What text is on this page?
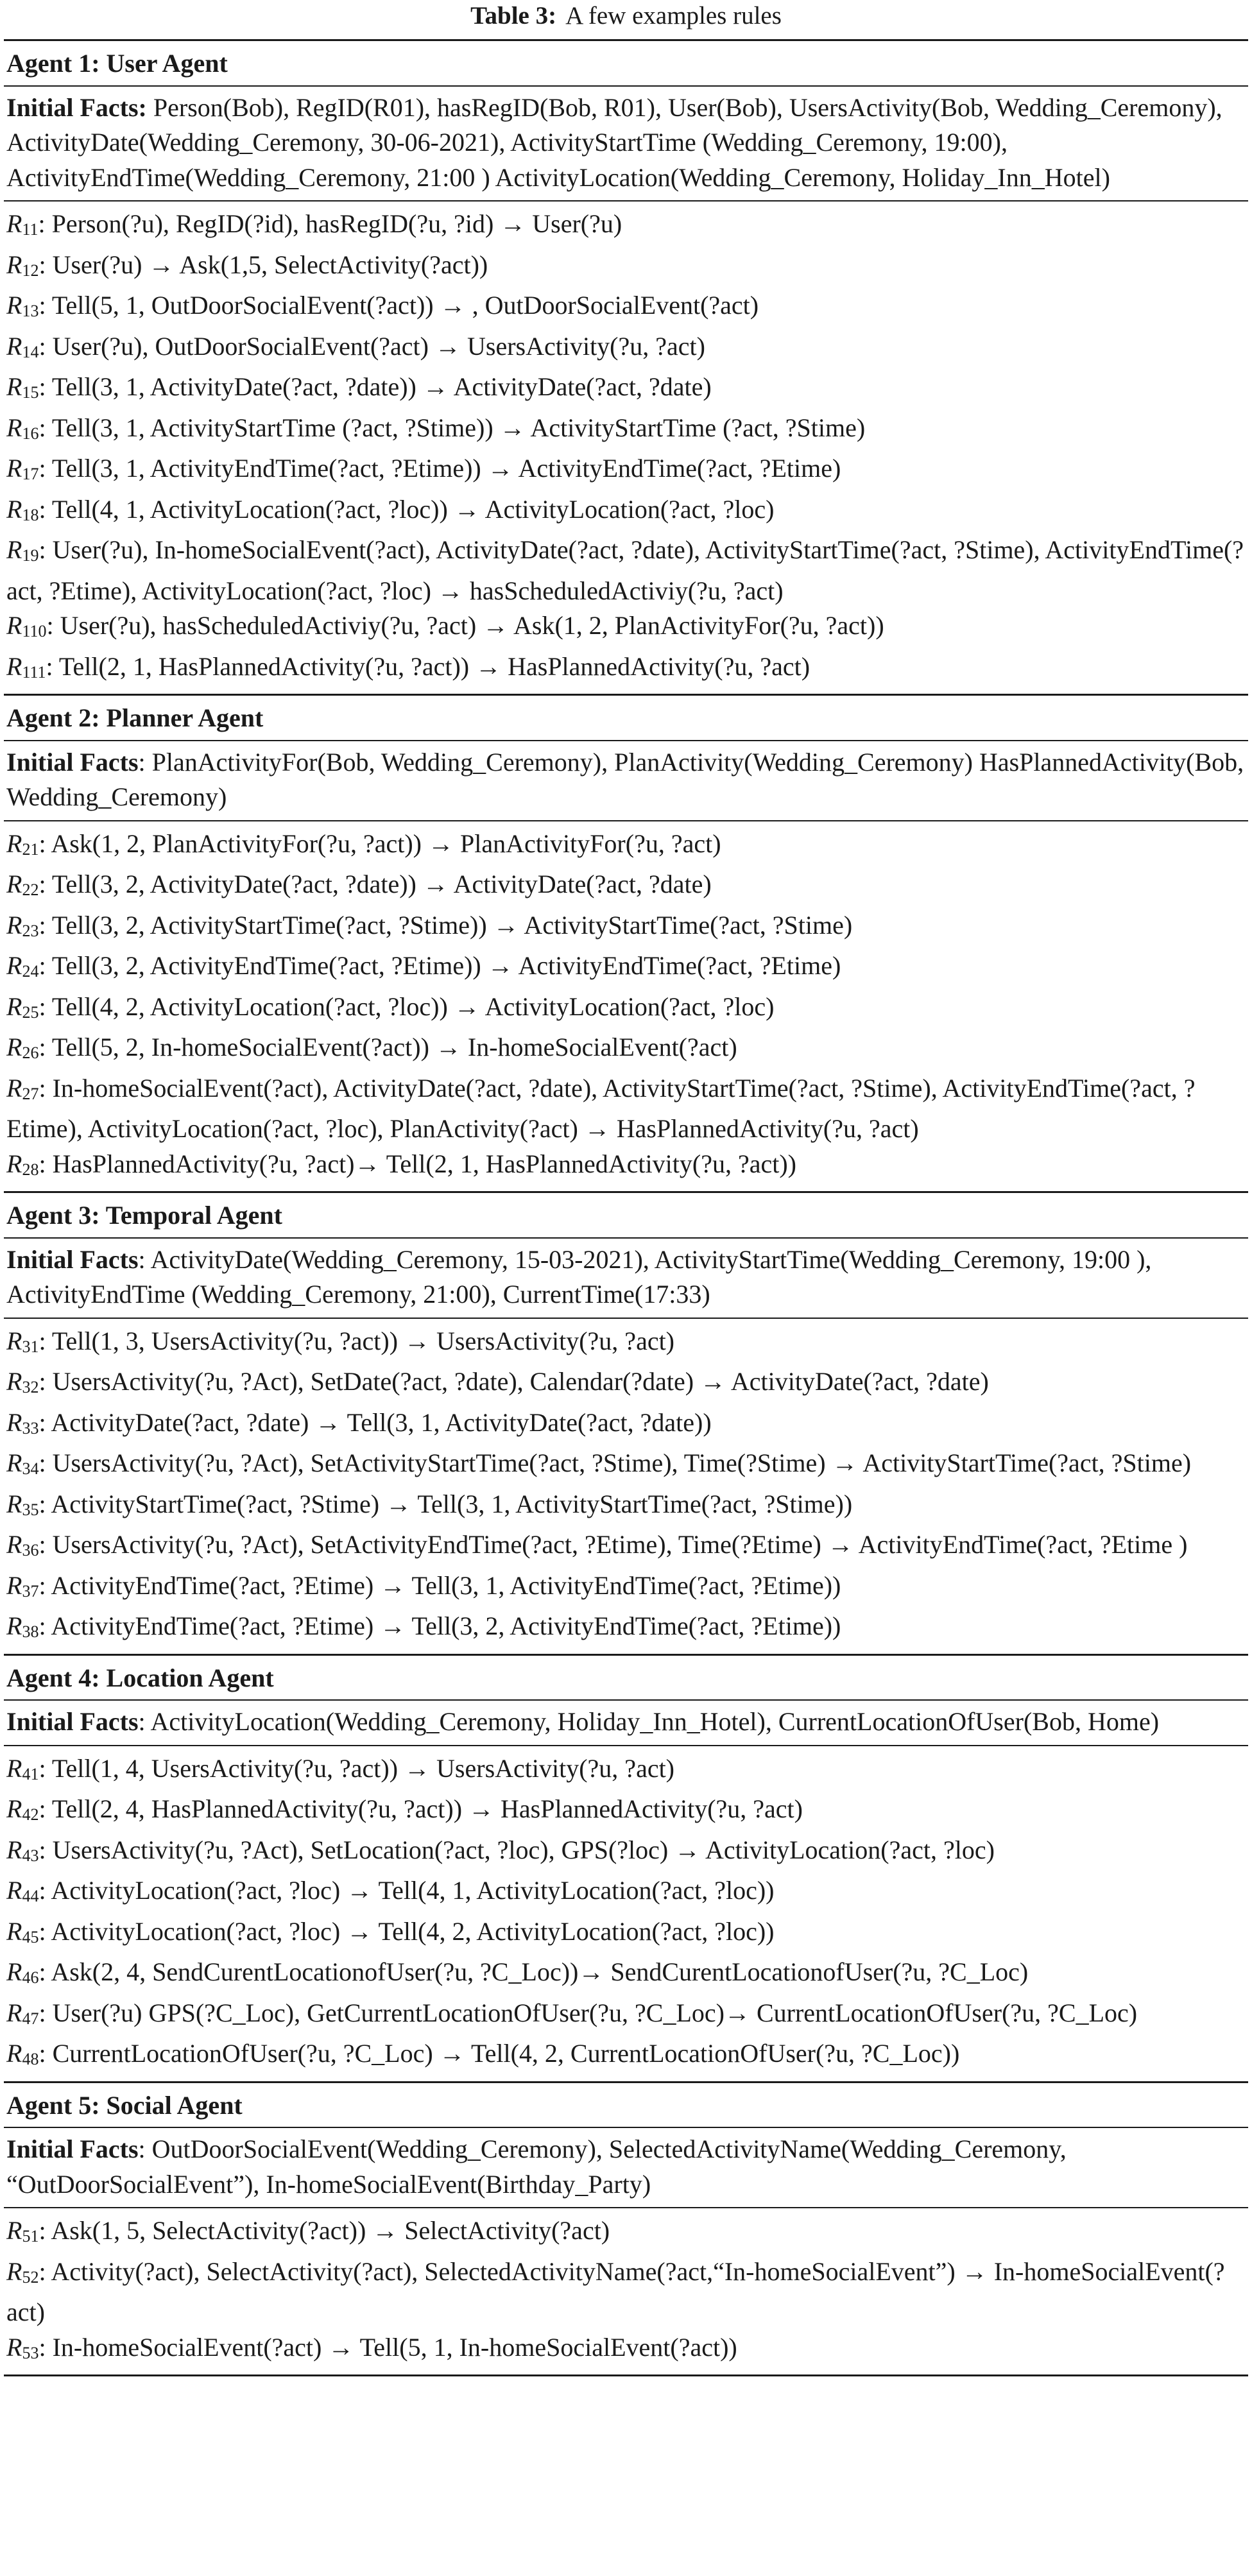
Table 3: A few examples rules
Agent 1: User Agent
Initial Facts: Person(Bob), RegID(R01), hasRegID(Bob, R01), User(Bob), UsersActivity(Bob, Wedding_Ceremony), ActivityDate(Wedding_Ceremony, 30-06-2021), ActivityStartTime (Wedding_Ceremony, 19:00), ActivityEndTime(Wedding_Ceremony, 21:00 ) ActivityLocation(Wedding_Ceremony, Holiday_Inn_Hotel)
$R_{11}$: Person(?u), RegID(?id), hasRegID(?u, ?id) → User(?u)
$R_{12}$: User(?u) → Ask(1,5, SelectActivity(?act))
$R_{13}$: Tell(5, 1, OutDoorSocialEvent(?act)) → , OutDoorSocialEvent(?act)
$R_{14}$: User(?u), OutDoorSocialEvent(?act) → UsersActivity(?u, ?act)
$R_{15}$: Tell(3, 1, ActivityDate(?act, ?date)) → ActivityDate(?act, ?date)
$R_{16}$: Tell(3, 1, ActivityStartTime (?act, ?Stime)) → ActivityStartTime (?act, ?Stime)
$R_{17}$: Tell(3, 1, ActivityEndTime(?act, ?Etime)) → ActivityEndTime(?act, ?Etime)
$R_{18}$: Tell(4, 1, ActivityLocation(?act, ?loc)) → ActivityLocation(?act, ?loc)
$R_{19}$: User(?u), In-homeSocialEvent(?act), ActivityDate(?act, ?date), ActivityStartTime(?act, ?Stime), ActivityEndTime(?act, ?Etime), ActivityLocation(?act, ?loc) → hasScheduledActiviy(?u, ?act)
$R_{110}$: User(?u), hasScheduledActiviy(?u, ?act) → Ask(1, 2, PlanActivityFor(?u, ?act))
$R_{111}$: Tell(2, 1, HasPlannedActivity(?u, ?act)) → HasPlannedActivity(?u, ?act)
Agent 2: Planner Agent
Initial Facts: PlanActivityFor(Bob, Wedding_Ceremony), PlanActivity(Wedding_Ceremony) HasPlannedActivity(Bob, Wedding_Ceremony)
$R_{21}$: Ask(1, 2, PlanActivityFor(?u, ?act)) → PlanActivityFor(?u, ?act)
$R_{22}$: Tell(3, 2, ActivityDate(?act, ?date)) → ActivityDate(?act, ?date)
$R_{23}$: Tell(3, 2, ActivityStartTime(?act, ?Stime)) → ActivityStartTime(?act, ?Stime)
$R_{24}$: Tell(3, 2, ActivityEndTime(?act, ?Etime)) → ActivityEndTime(?act, ?Etime)
$R_{25}$: Tell(4, 2, ActivityLocation(?act, ?loc)) → ActivityLocation(?act, ?loc)
$R_{26}$: Tell(5, 2, In-homeSocialEvent(?act)) → In-homeSocialEvent(?act)
$R_{27}$: In-homeSocialEvent(?act), ActivityDate(?act, ?date), ActivityStartTime(?act, ?Stime), ActivityEndTime(?act, ?Etime), ActivityLocation(?act, ?loc), PlanActivity(?act) → HasPlannedActivity(?u, ?act)
$R_{28}$: HasPlannedActivity(?u, ?act)→ Tell(2, 1, HasPlannedActivity(?u, ?act))
Agent 3: Temporal Agent
Initial Facts: ActivityDate(Wedding_Ceremony, 15-03-2021), ActivityStartTime(Wedding_Ceremony, 19:00 ), ActivityEndTime (Wedding_Ceremony, 21:00), CurrentTime(17:33)
$R_{31}$: Tell(1, 3, UsersActivity(?u, ?act)) → UsersActivity(?u, ?act)
$R_{32}$: UsersActivity(?u, ?Act), SetDate(?act, ?date), Calendar(?date) → ActivityDate(?act, ?date)
$R_{33}$: ActivityDate(?act, ?date) → Tell(3, 1, ActivityDate(?act, ?date))
$R_{34}$: UsersActivity(?u, ?Act), SetActivityStartTime(?act, ?Stime), Time(?Stime) → ActivityStartTime(?act, ?Stime)
$R_{35}$: ActivityStartTime(?act, ?Stime) → Tell(3, 1, ActivityStartTime(?act, ?Stime))
$R_{36}$: UsersActivity(?u, ?Act), SetActivityEndTime(?act, ?Etime), Time(?Etime) → ActivityEndTime(?act, ?Etime )
$R_{37}$: ActivityEndTime(?act, ?Etime) → Tell(3, 1, ActivityEndTime(?act, ?Etime))
$R_{38}$: ActivityEndTime(?act, ?Etime) → Tell(3, 2, ActivityEndTime(?act, ?Etime))
Agent 4: Location Agent
Initial Facts: ActivityLocation(Wedding_Ceremony, Holiday_Inn_Hotel), CurrentLocationOfUser(Bob, Home)
$R_{41}$: Tell(1, 4, UsersActivity(?u, ?act)) → UsersActivity(?u, ?act)
$R_{42}$: Tell(2, 4, HasPlannedActivity(?u, ?act)) → HasPlannedActivity(?u, ?act)
$R_{43}$: UsersActivity(?u, ?Act), SetLocation(?act, ?loc), GPS(?loc) → ActivityLocation(?act, ?loc)
$R_{44}$: ActivityLocation(?act, ?loc) → Tell(4, 1, ActivityLocation(?act, ?loc))
$R_{45}$: ActivityLocation(?act, ?loc) → Tell(4, 2, ActivityLocation(?act, ?loc))
$R_{46}$: Ask(2, 4, SendCurentLocationofUser(?u, ?C_Loc))→ SendCurentLocationofUser(?u, ?C_Loc)
$R_{47}$: User(?u) GPS(?C_Loc), GetCurrentLocationOfUser(?u, ?C_Loc)→ CurrentLocationOfUser(?u, ?C_Loc)
$R_{48}$: CurrentLocationOfUser(?u, ?C_Loc) → Tell(4, 2, CurrentLocationOfUser(?u, ?C_Loc))
Agent 5: Social Agent
Initial Facts: OutDoorSocialEvent(Wedding_Ceremony), SelectedActivityName(Wedding_Ceremony, “OutDoorSocialEvent”), In-homeSocialEvent(Birthday_Party)
$R_{51}$: Ask(1, 5, SelectActivity(?act)) → SelectActivity(?act)
$R_{52}$: Activity(?act), SelectActivity(?act), SelectedActivityName(?act,“In-homeSocialEvent”) → In-homeSocialEvent(?act)
$R_{53}$: In-homeSocialEvent(?act) → Tell(5, 1, In-homeSocialEvent(?act))
